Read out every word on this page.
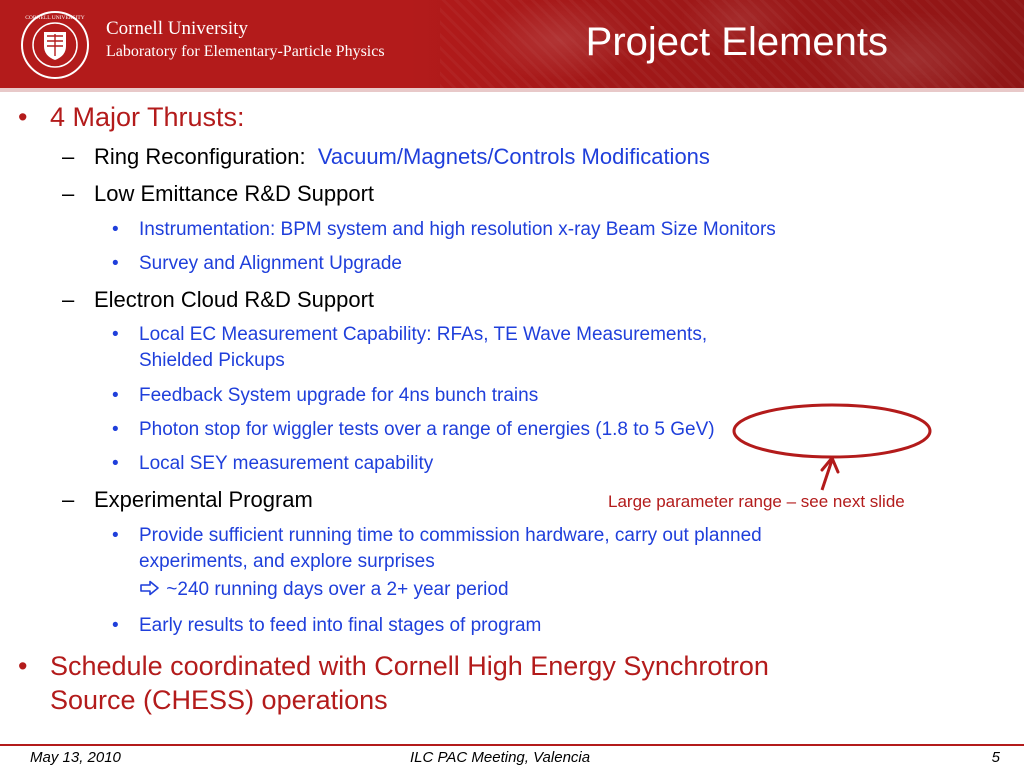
CORNELL UNIVERSITY Cornell University
Laboratory for Elementary-Particle Physics	Project Elements
• 4 Major Thrusts:
– Ring Reconfiguration: Vacuum/Magnets/Controls Modifications
– Low Emittance R&D Support
• Instrumentation: BPM system and high resolution x-ray Beam Size Monitors
• Survey and Alignment Upgrade
– Electron Cloud R&D Support
• Local EC Measurement Capability: RFAs, TE Wave Measurements,
Shielded Pickups
• Feedback System upgrade for 4ns bunch trains
• Photon stop for wiggler tests over a range of energies (1.8 to 5 GeV)
• Local SEY measurement capability
– Experimental Program	Large parameter range – see next slide
• Provide sufficient running time to commission hardware, carry out planned
experiments, and explore surprises
~240 running days over a 2+ year period
• Early results to feed into final stages of program
• Schedule coordinated with Cornell High Energy Synchrotron
Source (CHESS) operations
May 13, 2010	ILC PAC Meeting, Valencia	5
